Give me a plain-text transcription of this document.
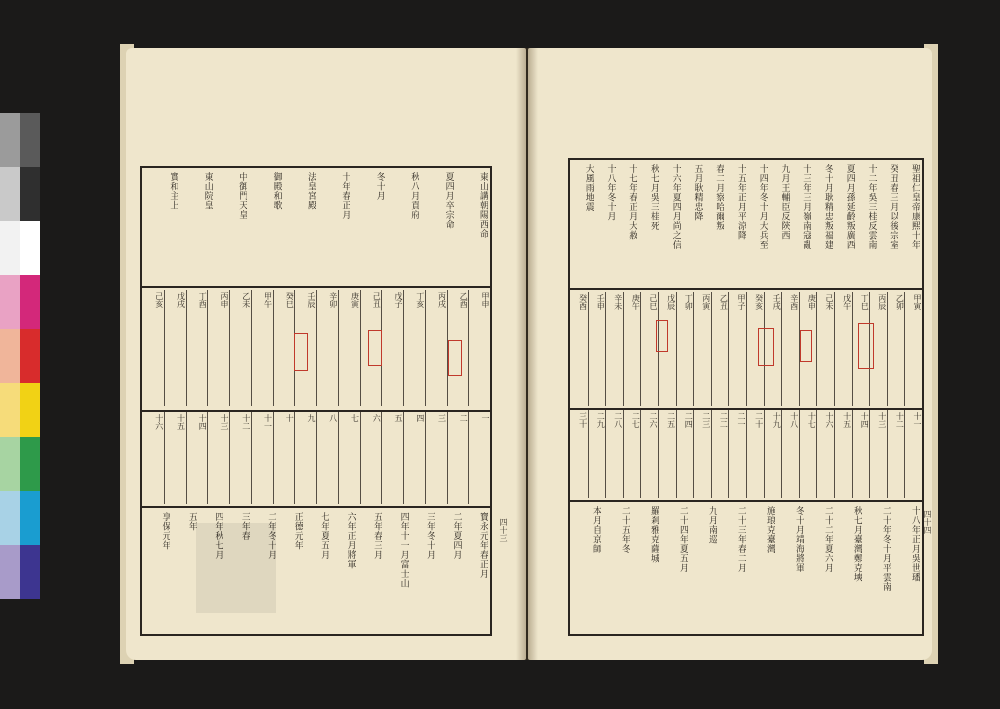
東山講朝陽西命
夏四月卒宗命
秋八月貢府
冬十月
十年春正月
法皇宮殿
御殿和歌
中御門天皇
東山院皇
實和主上
甲申
乙酉
丙戌
丁亥
戊子
己丑
庚寅
辛卯
壬辰
癸巳
甲午
乙未
丙申
丁酉
戊戌
己亥
一
二
三
四
五
六
七
八
九
十
十一
十二
十三
十四
十五
十六
寶永元年春正月
二年夏四月
三年冬十月
四年十一月富士山
五年春三月
六年正月將軍
七年夏五月
正德元年
二年冬十月
三年春
四年秋七月
五年
享保元年	四十三
聖祖仁皇帝康熙十年
癸丑春三月以後宗室
十二年吳三桂反雲南
夏四月孫延齡叛廣西
冬十月耿精忠叛福建
十三年三月嶺南寇亂
九月王輔臣反陝西
十四年冬十月大兵至
十五年正月平涼降
春二月察哈爾叛
五月耿精忠降
十六年夏四月尚之信
秋七月吳三桂死
十七年春正月大赦
十八年冬十月
大風雨地震
甲寅
乙卯
丙辰
丁巳
戊午
己未
庚申
辛酉
壬戌
癸亥
甲子
乙丑
丙寅
丁卯
戊辰
己巳
庚午
辛未
壬申
癸酉
十一
十二
十三
十四
十五
十六
十七
十八
十九
二十
二一
二二
二三
二四
二五
二六
二七
二八
二九
三十
十八年正月吳世璠
二十年冬十月平雲南
秋七月臺灣鄭克塽
二十二年夏六月
冬十月靖海將軍
施琅克臺灣
二十三年春二月
九月南巡
二十四年夏五月
羅剎雅克薩城
二十五年冬
本月自京師	四十四
